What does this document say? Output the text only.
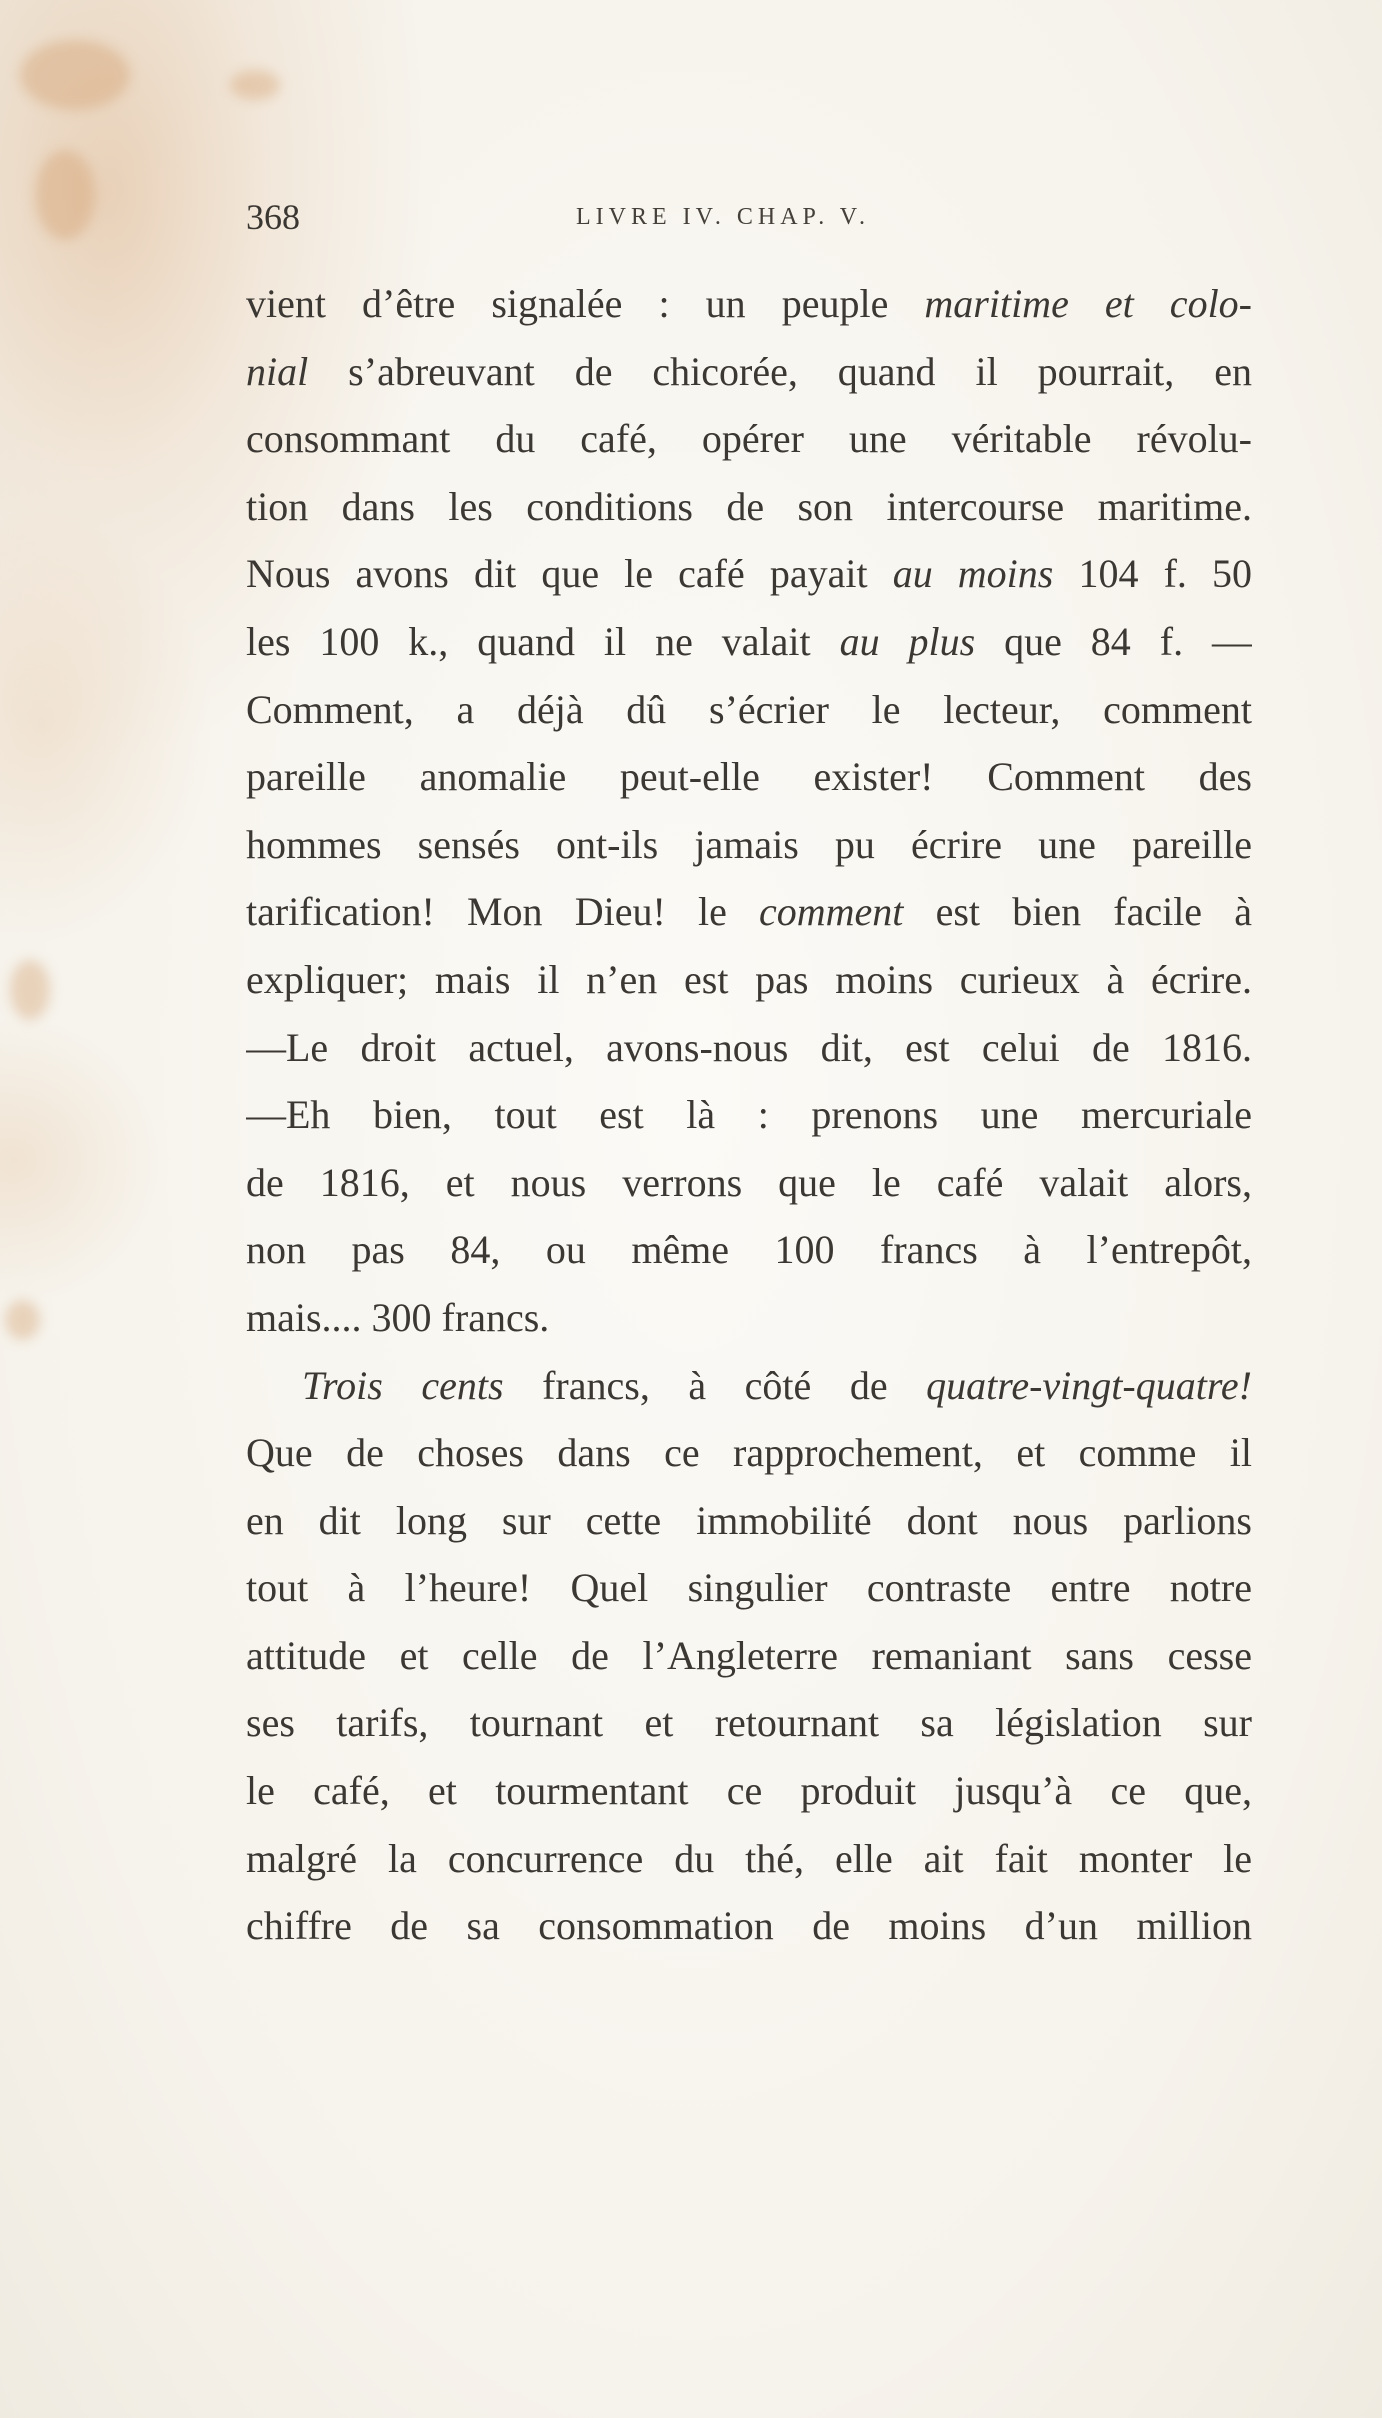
368	LIVRE IV. CHAP. V.
vient d’être signalée : un peuple maritime et colo-
nial s’abreuvant de chicorée, quand il pourrait, en
consommant du café, opérer une véritable révolu-
tion dans les conditions de son intercourse maritime.
Nous avons dit que le café payait au moins 104 f. 50
les 100 k., quand il ne valait au plus que 84 f. —
Comment, a déjà dû s’écrier le lecteur, comment
pareille anomalie peut-elle exister! Comment des
hommes sensés ont-ils jamais pu écrire une pareille
tarification! Mon Dieu! le comment est bien facile à
expliquer; mais il n’en est pas moins curieux à écrire.
—Le droit actuel, avons-nous dit, est celui de 1816.
—Eh bien, tout est là : prenons une mercuriale
de 1816, et nous verrons que le café valait alors,
non pas 84, ou même 100 francs à l’entrepôt,
mais.... 300 francs.
Trois cents francs, à côté de quatre-vingt-quatre!
Que de choses dans ce rapprochement, et comme il
en dit long sur cette immobilité dont nous parlions
tout à l’heure! Quel singulier contraste entre notre
attitude et celle de l’Angleterre remaniant sans cesse
ses tarifs, tournant et retournant sa législation sur
le café, et tourmentant ce produit jusqu’à ce que,
malgré la concurrence du thé, elle ait fait monter le
chiffre de sa consommation de moins d’un million
